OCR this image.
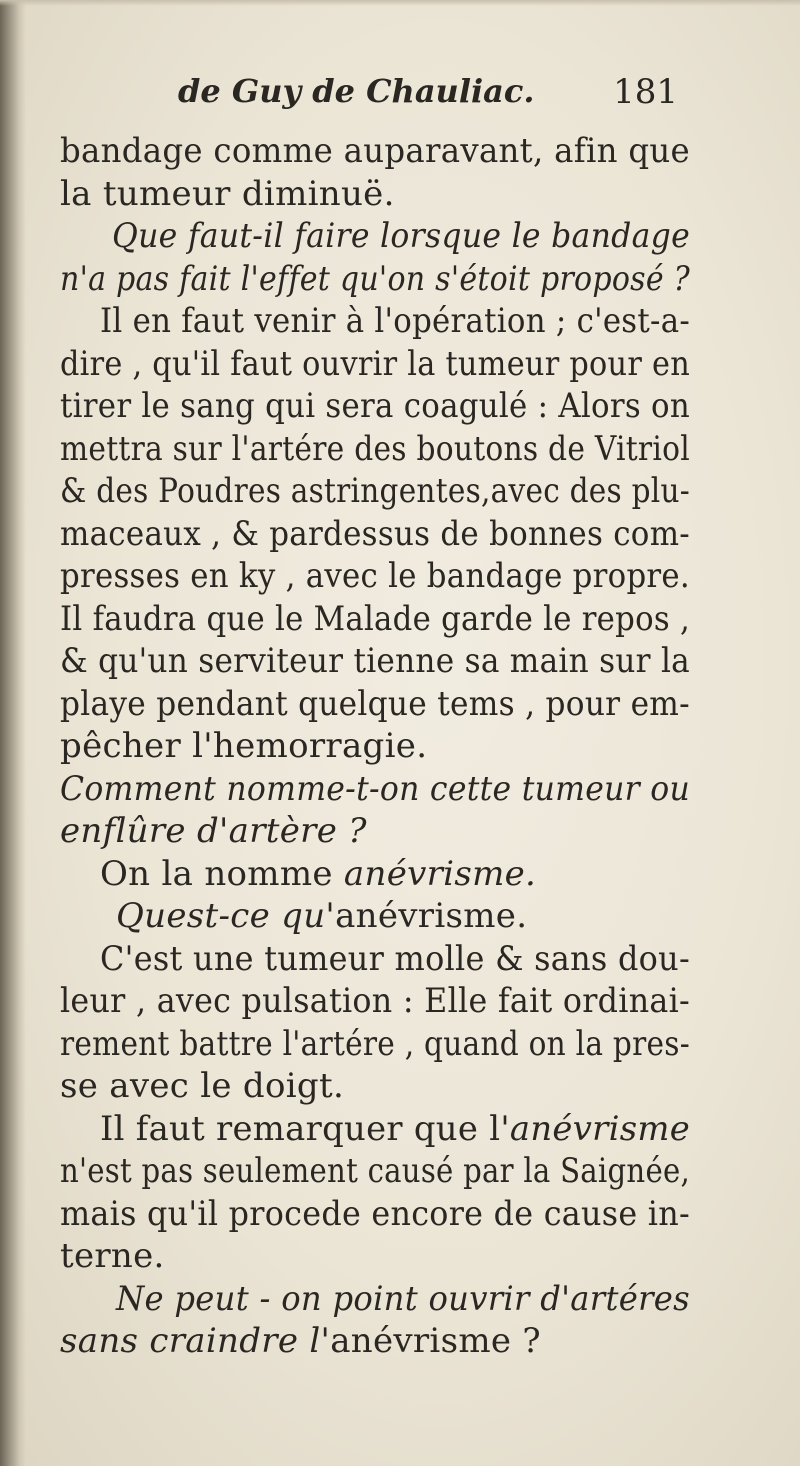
de Guy de Chauliac. 181
bandage comme auparavant, afin que
la tumeur diminuë.
Que faut-il faire lorsque le bandage
n'a pas fait l'effet qu'on s'étoit proposé ?
Il en faut venir à l'opération ; c'est-a-
dire , qu'il faut ouvrir la tumeur pour en
tirer le sang qui sera coagulé : Alors on
mettra sur l'artére des boutons de Vitriol
& des Poudres astringentes,avec des plu-
maceaux , & pardessus de bonnes com-
presses en ky , avec le bandage propre.
Il faudra que le Malade garde le repos ,
& qu'un serviteur tienne sa main sur la
playe pendant quelque tems , pour em-
pêcher l'hemorragie.
Comment nomme-t-on cette tumeur ou
enflûre d'artère ?
On la nomme anévrisme.
Quest-ce qu'anévrisme.
C'est une tumeur molle & sans dou-
leur , avec pulsation : Elle fait ordinai-
rement battre l'artére , quand on la pres-
se avec le doigt.
Il faut remarquer que l'anévrisme
n'est pas seulement causé par la Saignée,
mais qu'il procede encore de cause in-
terne.
Ne peut - on point ouvrir d'artéres
sans craindre l'anévrisme ?
